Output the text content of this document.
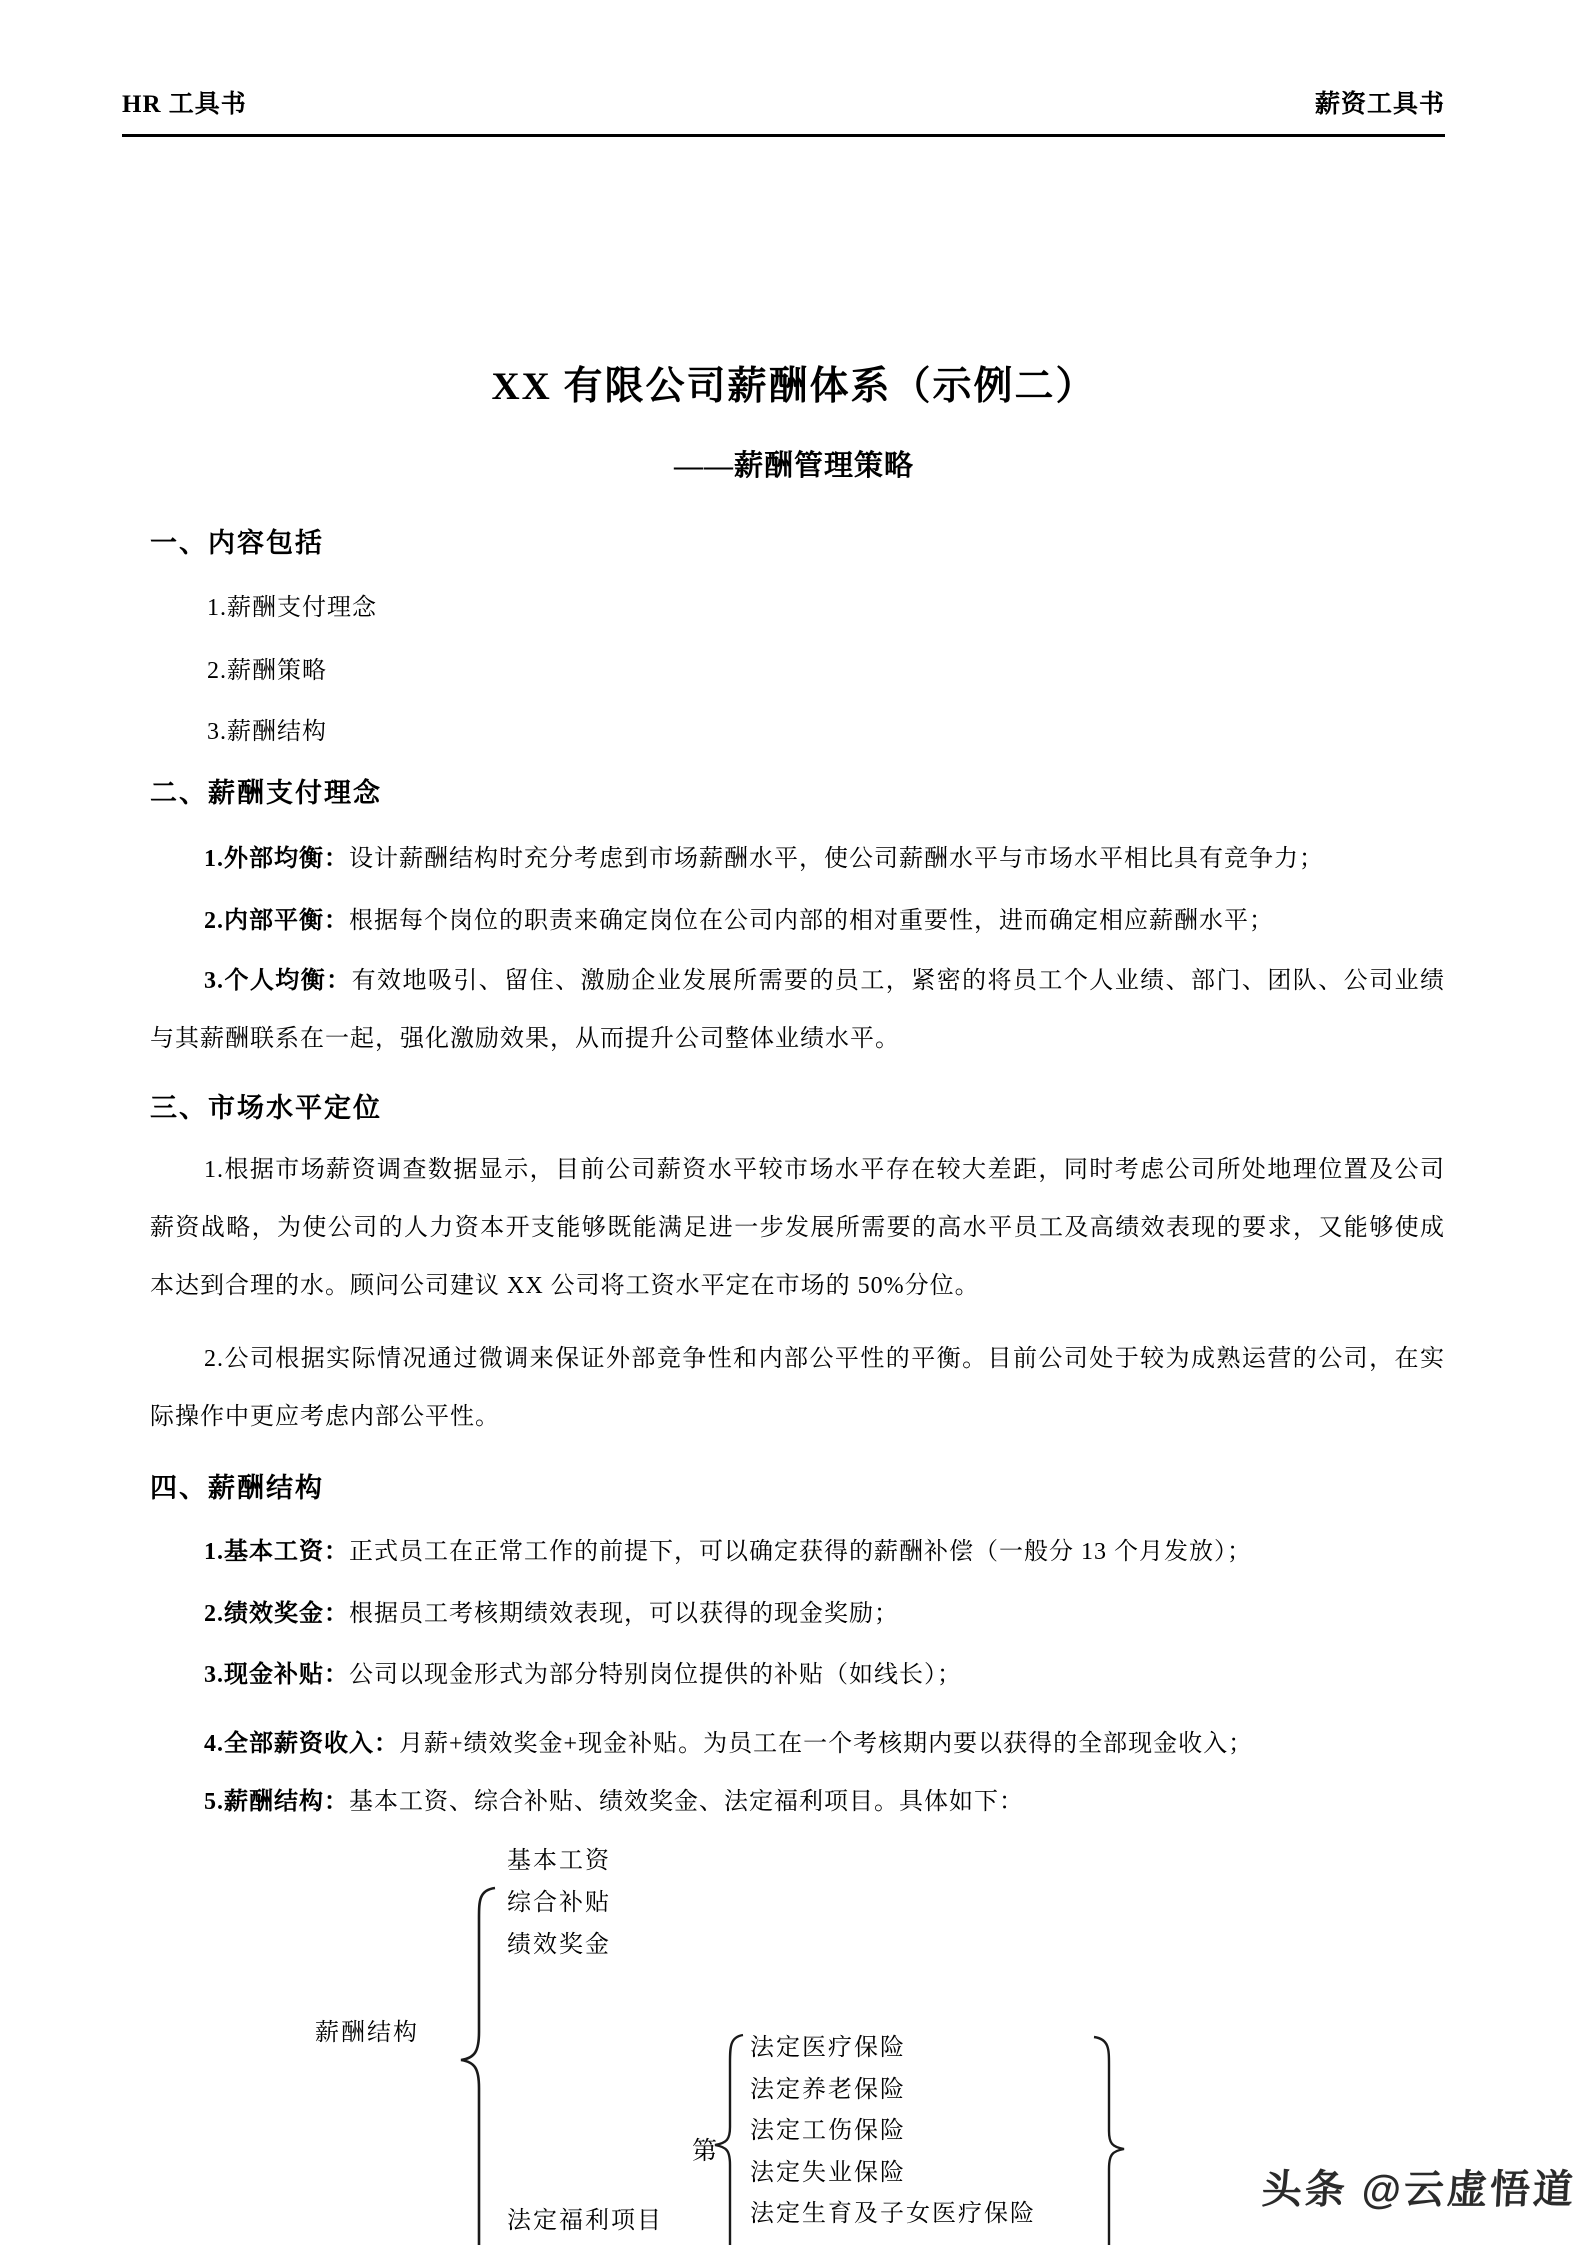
HR 工具书	薪资工具书
XX 有限公司薪酬体系（示例二）
——薪酬管理策略
一、内容包括
1.薪酬支付理念
2.薪酬策略
3.薪酬结构
二、薪酬支付理念
1.外部均衡：设计薪酬结构时充分考虑到市场薪酬水平，使公司薪酬水平与市场水平相比具有竞争力；
2.内部平衡：根据每个岗位的职责来确定岗位在公司内部的相对重要性，进而确定相应薪酬水平；
3.个人均衡：有效地吸引、留住、激励企业发展所需要的员工，紧密的将员工个人业绩、部门、团队、公司业绩与其薪酬联系在一起，强化激励效果，从而提升公司整体业绩水平。
三、市场水平定位
1.根据市场薪资调查数据显示，目前公司薪资水平较市场水平存在较大差距，同时考虑公司所处地理位置及公司薪资战略，为使公司的人力资本开支能够既能满足进一步发展所需要的高水平员工及高绩效表现的要求，又能够使成本达到合理的水。顾问公司建议 XX 公司将工资水平定在市场的 50%分位。
2.公司根据实际情况通过微调来保证外部竞争性和内部公平性的平衡。目前公司处于较为成熟运营的公司，在实际操作中更应考虑内部公平性。
四、薪酬结构
1.基本工资：正式员工在正常工作的前提下，可以确定获得的薪酬补偿（一般分 13 个月发放）；
2.绩效奖金：根据员工考核期绩效表现，可以获得的现金奖励；
3.现金补贴：公司以现金形式为部分特别岗位提供的补贴（如线长）；
4.全部薪资收入：月薪+绩效奖金+现金补贴。为员工在一个考核期内要以获得的全部现金收入；
5.薪酬结构：基本工资、综合补贴、绩效奖金、法定福利项目。具体如下：
薪酬结构
基本工资
综合补贴
绩效奖金
法定福利项目
第
法定医疗保险
法定养老保险
法定工伤保险
法定失业保险
法定生育及子女医疗保险
头条 @云虚悟道
